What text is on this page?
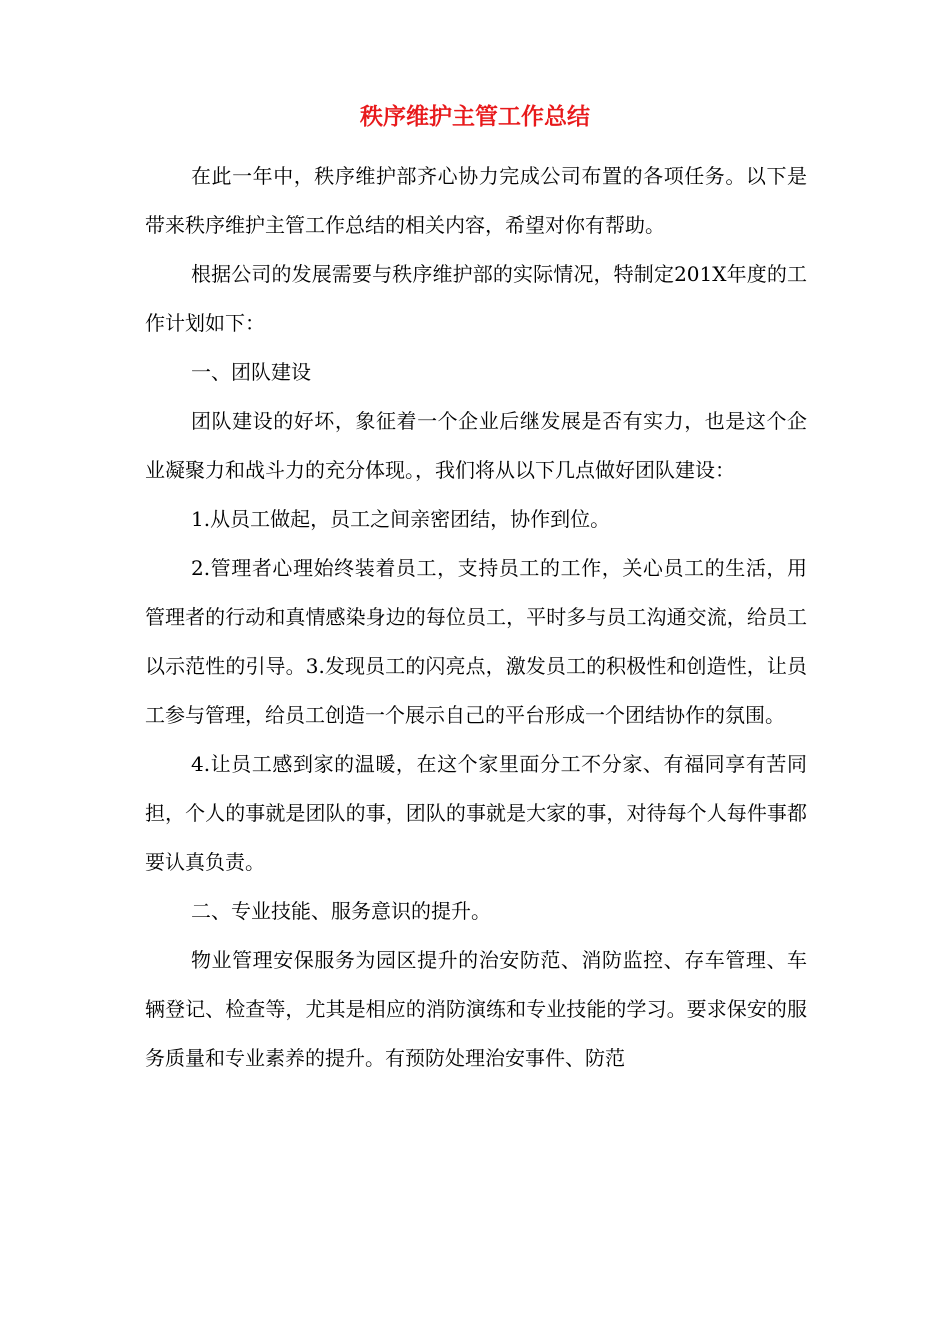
秩序维护主管工作总结

在此一年中，秩序维护部齐心协力完成公司布置的各项任务。以下是带来秩序维护主管工作总结的相关内容，希望对你有帮助。

根据公司的发展需要与秩序维护部的实际情况，特制定201X年度的工作计划如下：

一、团队建设

团队建设的好坏，象征着一个企业后继发展是否有实力，也是这个企业凝聚力和战斗力的充分体现。，我们将从以下几点做好团队建设：

1.从员工做起，员工之间亲密团结，协作到位。

2.管理者心理始终装着员工，支持员工的工作，关心员工的生活，用管理者的行动和真情感染身边的每位员工，平时多与员工沟通交流，给员工以示范性的引导。3.发现员工的闪亮点，激发员工的积极性和创造性，让员工参与管理，给员工创造一个展示自己的平台形成一个团结协作的氛围。

4.让员工感到家的温暖，在这个家里面分工不分家、有福同享有苦同担，个人的事就是团队的事，团队的事就是大家的事，对待每个人每件事都要认真负责。

二、专业技能、服务意识的提升。

物业管理安保服务为园区提升的治安防范、消防监控、存车管理、车辆登记、检查等，尤其是相应的消防演练和专业技能的学习。要求保安的服务质量和专业素养的提升。有预防处理治安事件、防范
